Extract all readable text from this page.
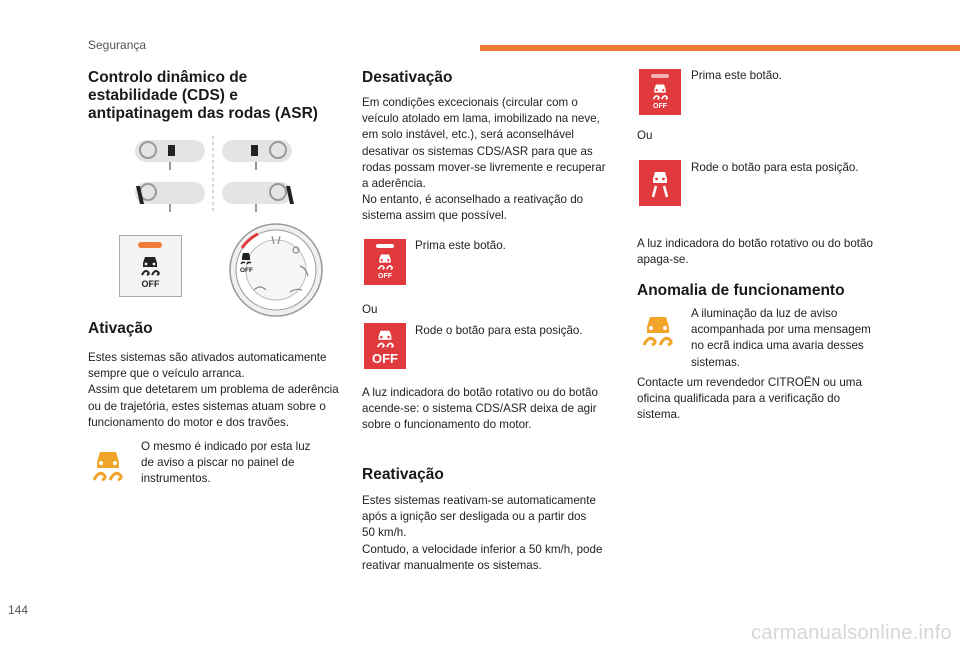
Segurança
Controlo dinâmico de
estabilidade (CDS) e
antipatinagem das rodas (ASR)
OFF
OFF
Ativação

Estes sistemas são ativados automaticamente

sempre que o veículo arranca.

Assim que detetarem um problema de aderência

ou de trajetória, estes sistemas atuam sobre o

funcionamento do motor e dos travões.

O mesmo é indicado por esta luz

de aviso a piscar no painel de

instrumentos.

Desativação

Em condições excecionais (circular com o

veículo atolado em lama, imobilizado na neve,

em solo instável, etc.), será aconselhável

desativar os sistemas CDS/ASR para que as

rodas possam mover-se livremente e recuperar

a aderência.

No entanto, é aconselhado a reativação do

sistema assim que possível.

OFF

Prima este botão.

Ou

OFF

Rode o botão para esta posição.

A luz indicadora do botão rotativo ou do botão

acende-se: o sistema CDS/ASR deixa de agir

sobre o funcionamento do motor.

Reativação

Estes sistemas reativam-se automaticamente

após a ignição ser desligada ou a partir dos

50 km/h.

Contudo, a velocidade inferior a 50 km/h, pode

reativar manualmente os sistemas.

OFF

Prima este botão.

Ou

Rode o botão para esta posição.

A luz indicadora do botão rotativo ou do botão

apaga-se.

Anomalia de funcionamento

A iluminação da luz de aviso

acompanhada por uma mensagem

no ecrã indica uma avaria desses

sistemas.

Contacte um revendedor CITROËN ou uma

oficina qualificada para a verificação do

sistema.

144
carmanualsonline.info
